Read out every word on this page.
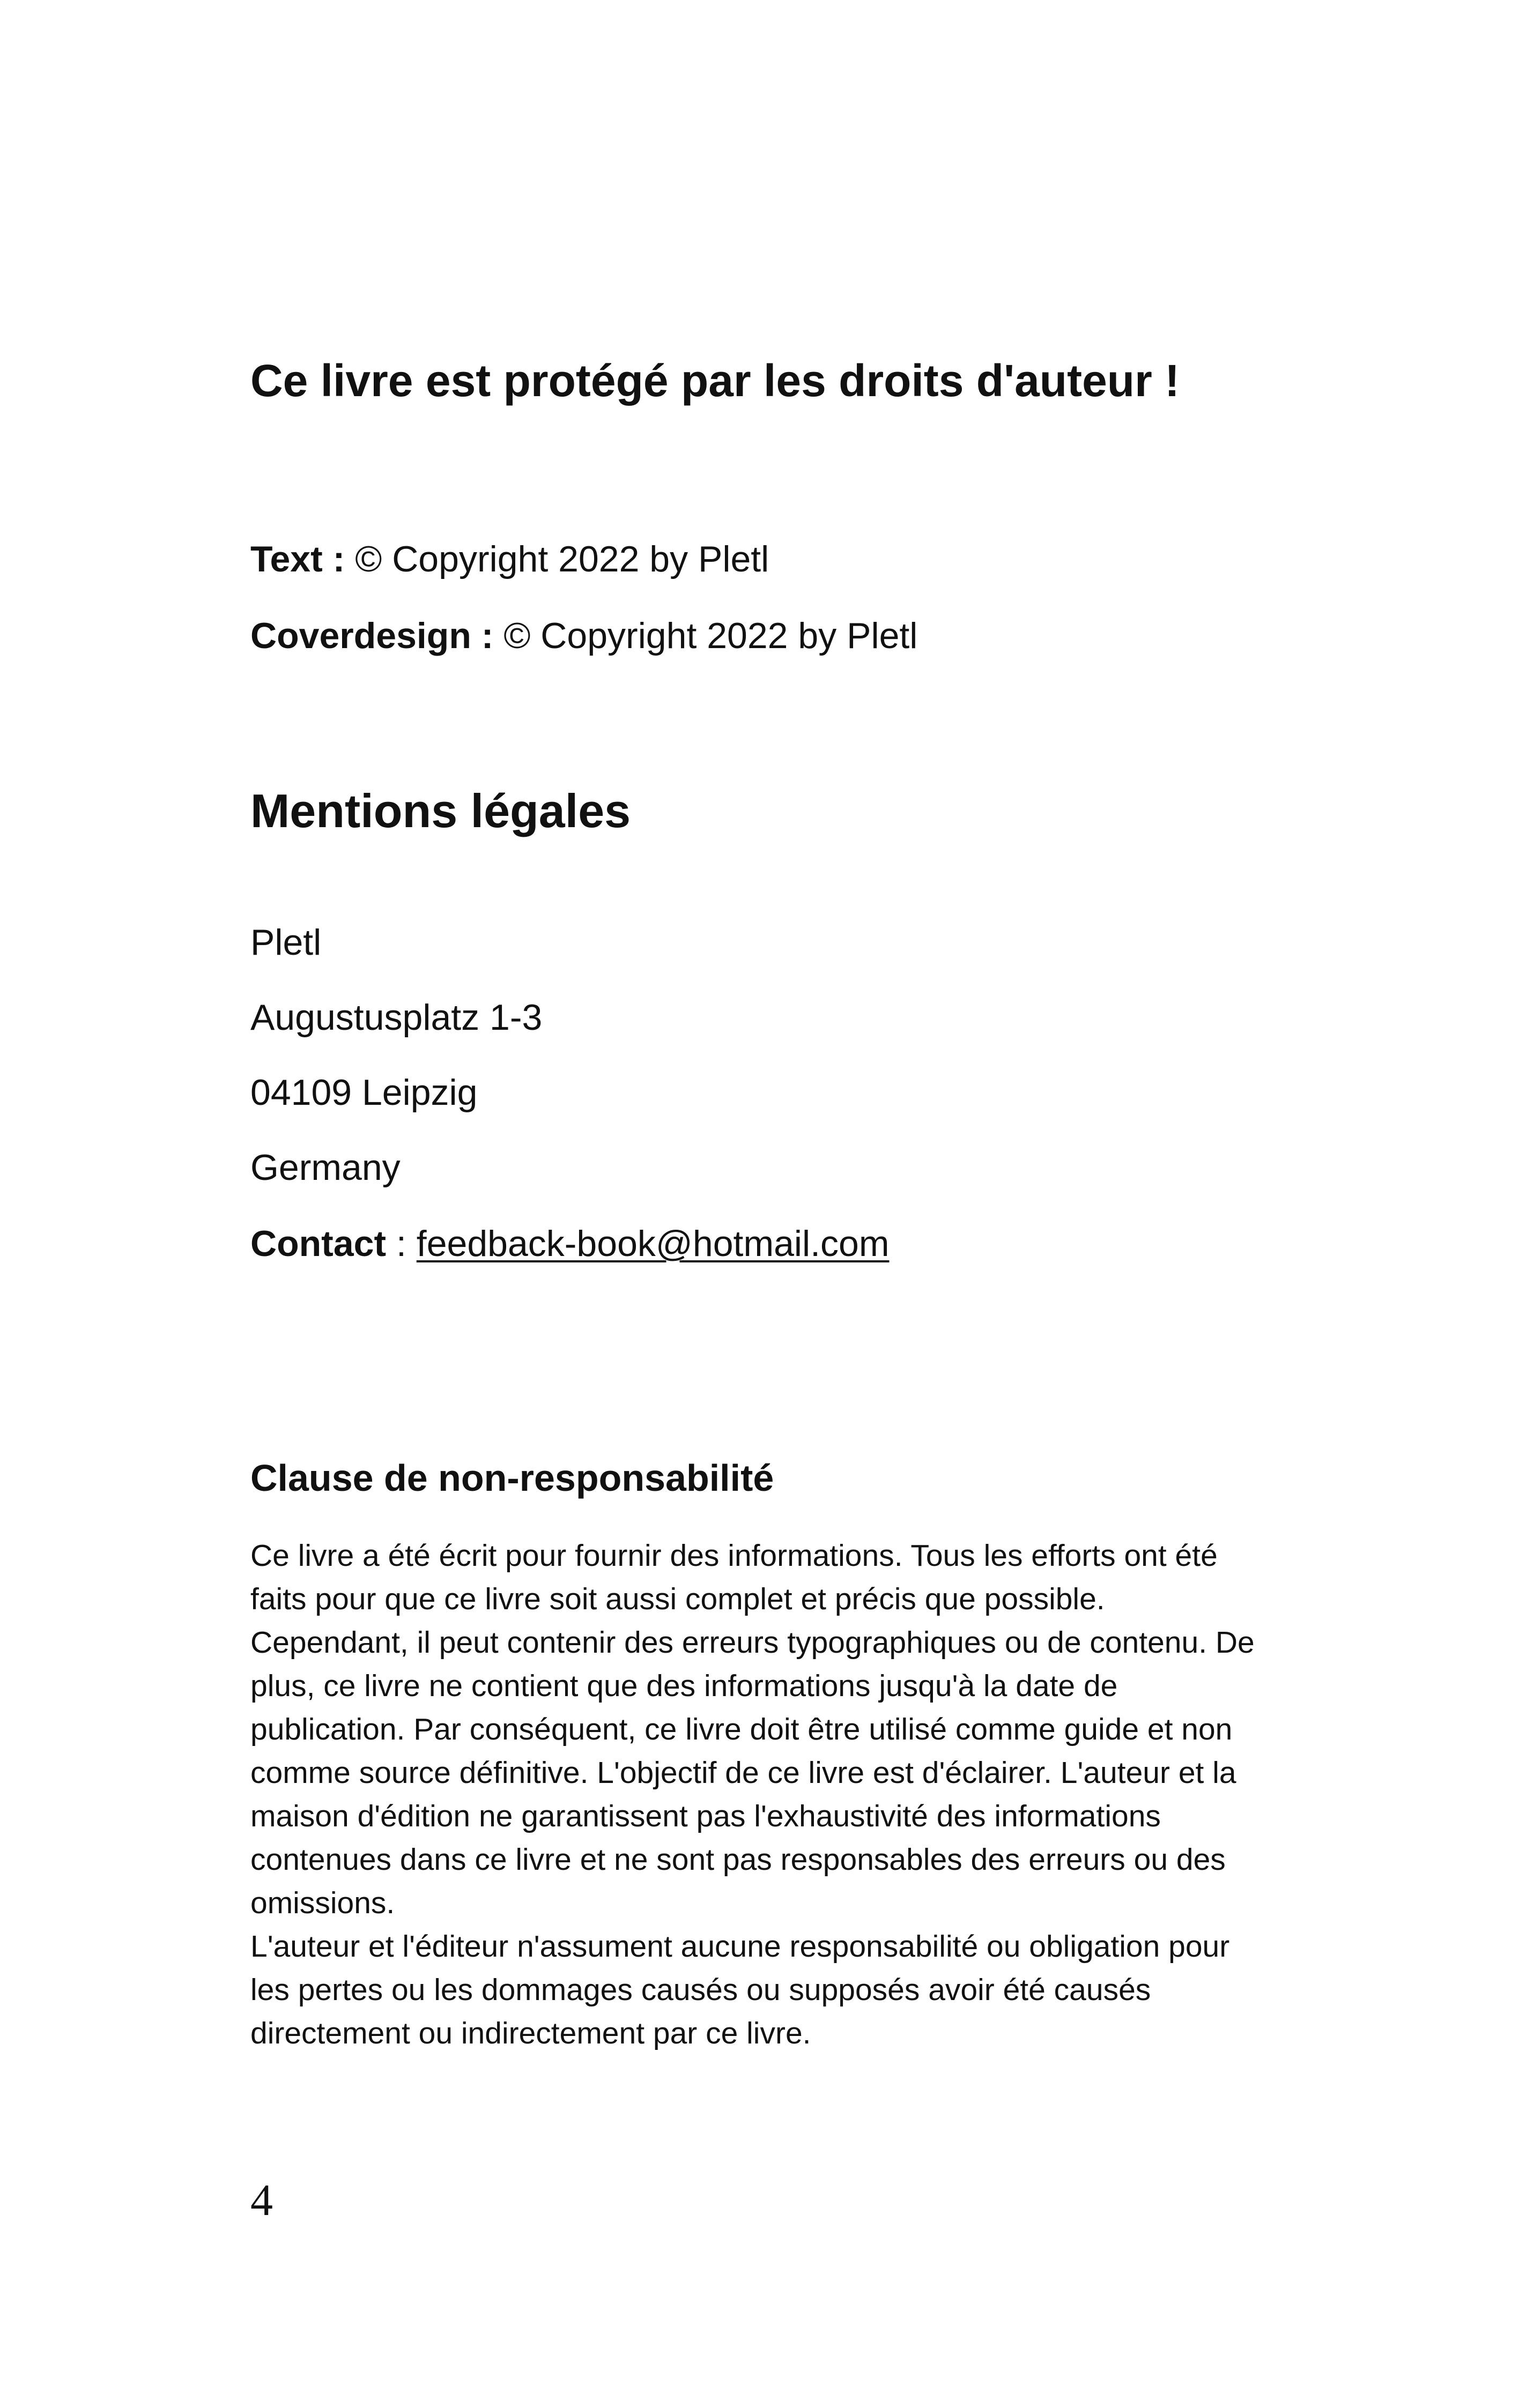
Ce livre est protégé par les droits d'auteur !

Text : © Copyright 2022 by Pletl

Coverdesign : © Copyright 2022 by Pletl

Mentions légales

Pletl

Augustusplatz 1-3

04109 Leipzig

Germany

Contact : feedback-book@hotmail.com

Clause de non-responsabilité

Ce livre a été écrit pour fournir des informations. Tous les efforts ont été faits pour que ce livre soit aussi complet et précis que possible. Cependant, il peut contenir des erreurs typographiques ou de contenu. De plus, ce livre ne contient que des informations jusqu'à la date de publication. Par conséquent, ce livre doit être utilisé comme guide et non comme source définitive. L'objectif de ce livre est d'éclairer. L'auteur et la maison d'édition ne garantissent pas l'exhaustivité des informations contenues dans ce livre et ne sont pas responsables des erreurs ou des omissions.

L'auteur et l'éditeur n'assument aucune responsabilité ou obligation pour les pertes ou les dommages causés ou supposés avoir été causés directement ou indirectement par ce livre.

4
